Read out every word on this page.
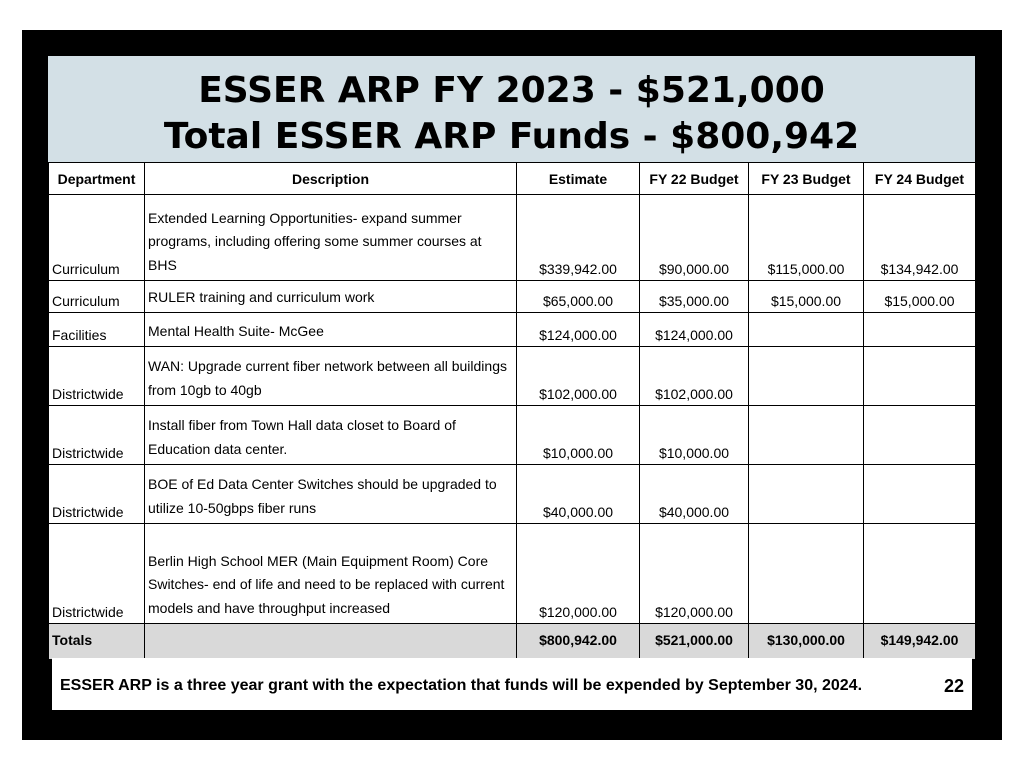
ESSER ARP FY 2023 - $521,000
Total ESSER ARP Funds - $800,942
Department	Description	Estimate	FY 22 Budget	FY 23 Budget	FY 24 Budget
Curriculum	Extended Learning Opportunities- expand summer programs, including offering some summer courses at BHS	$339,942.00	$90,000.00	$115,000.00	$134,942.00
Curriculum	RULER training and curriculum work	$65,000.00	$35,000.00	$15,000.00	$15,000.00
Facilities	Mental Health Suite- McGee	$124,000.00	$124,000.00		
Districtwide	WAN: Upgrade current fiber network between all buildings from 10gb to 40gb	$102,000.00	$102,000.00		
Districtwide	Install fiber from Town Hall data closet to Board of Education data center.	$10,000.00	$10,000.00		
Districtwide	BOE of Ed Data Center Switches should be upgraded to utilize 10-50gbps fiber runs	$40,000.00	$40,000.00		
Districtwide	Berlin High School MER (Main Equipment Room) Core Switches- end of life and need to be replaced with current models and have throughput increased	$120,000.00	$120,000.00		
Totals		$800,942.00	$521,000.00	$130,000.00	$149,942.00
ESSER ARP is a three year grant with the expectation that funds will be expended by September 30, 2024.	22
